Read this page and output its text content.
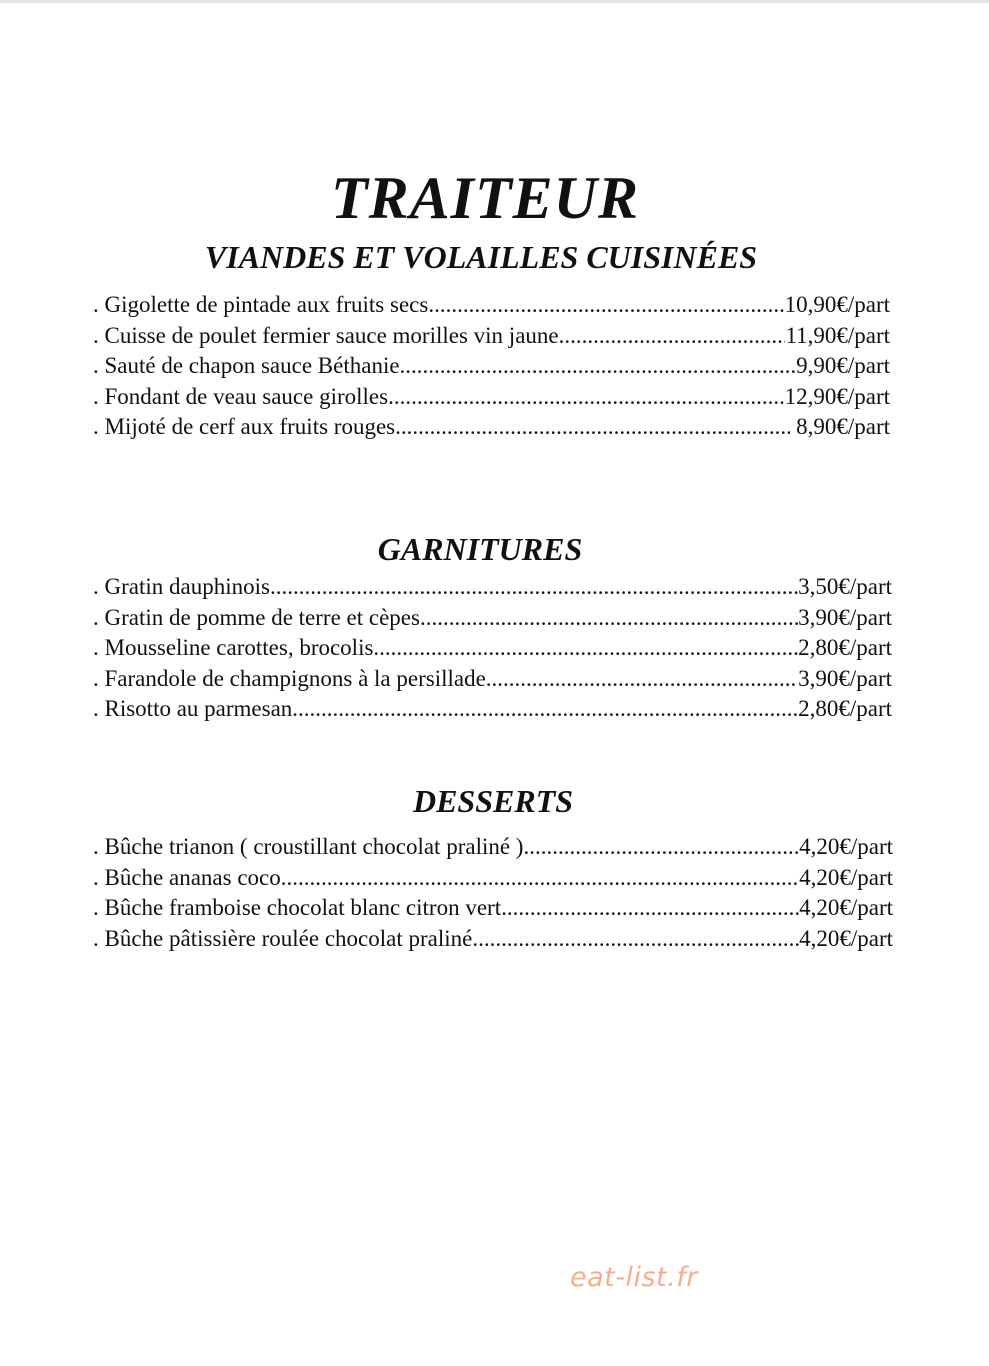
TRAITEUR
VIANDES ET VOLAILLES CUISINÉES
. Gigolette de pintade aux fruits secs .....	10,90€/part
. Cuisse de poulet fermier sauce morilles vin jaune .....	11,90€/part
. Sauté de chapon sauce Béthanie .....	9,90€/part
. Fondant de veau sauce girolles .....	12,90€/part
. Mijoté de cerf aux fruits rouges .....	8,90€/part
GARNITURES
. Gratin dauphinois .....	3,50€/part
. Gratin de pomme de terre et cèpes .....	3,90€/part
. Mousseline carottes, brocolis .....	2,80€/part
. Farandole de champignons à la persillade .....	3,90€/part
. Risotto au parmesan .....	2,80€/part
DESSERTS
. Bûche trianon ( croustillant chocolat praliné ) .....	4,20€/part
. Bûche ananas coco .....	4,20€/part
. Bûche framboise chocolat blanc citron vert .....	4,20€/part
. Bûche pâtissière roulée chocolat praliné .....	4,20€/part
eat-list.fr
